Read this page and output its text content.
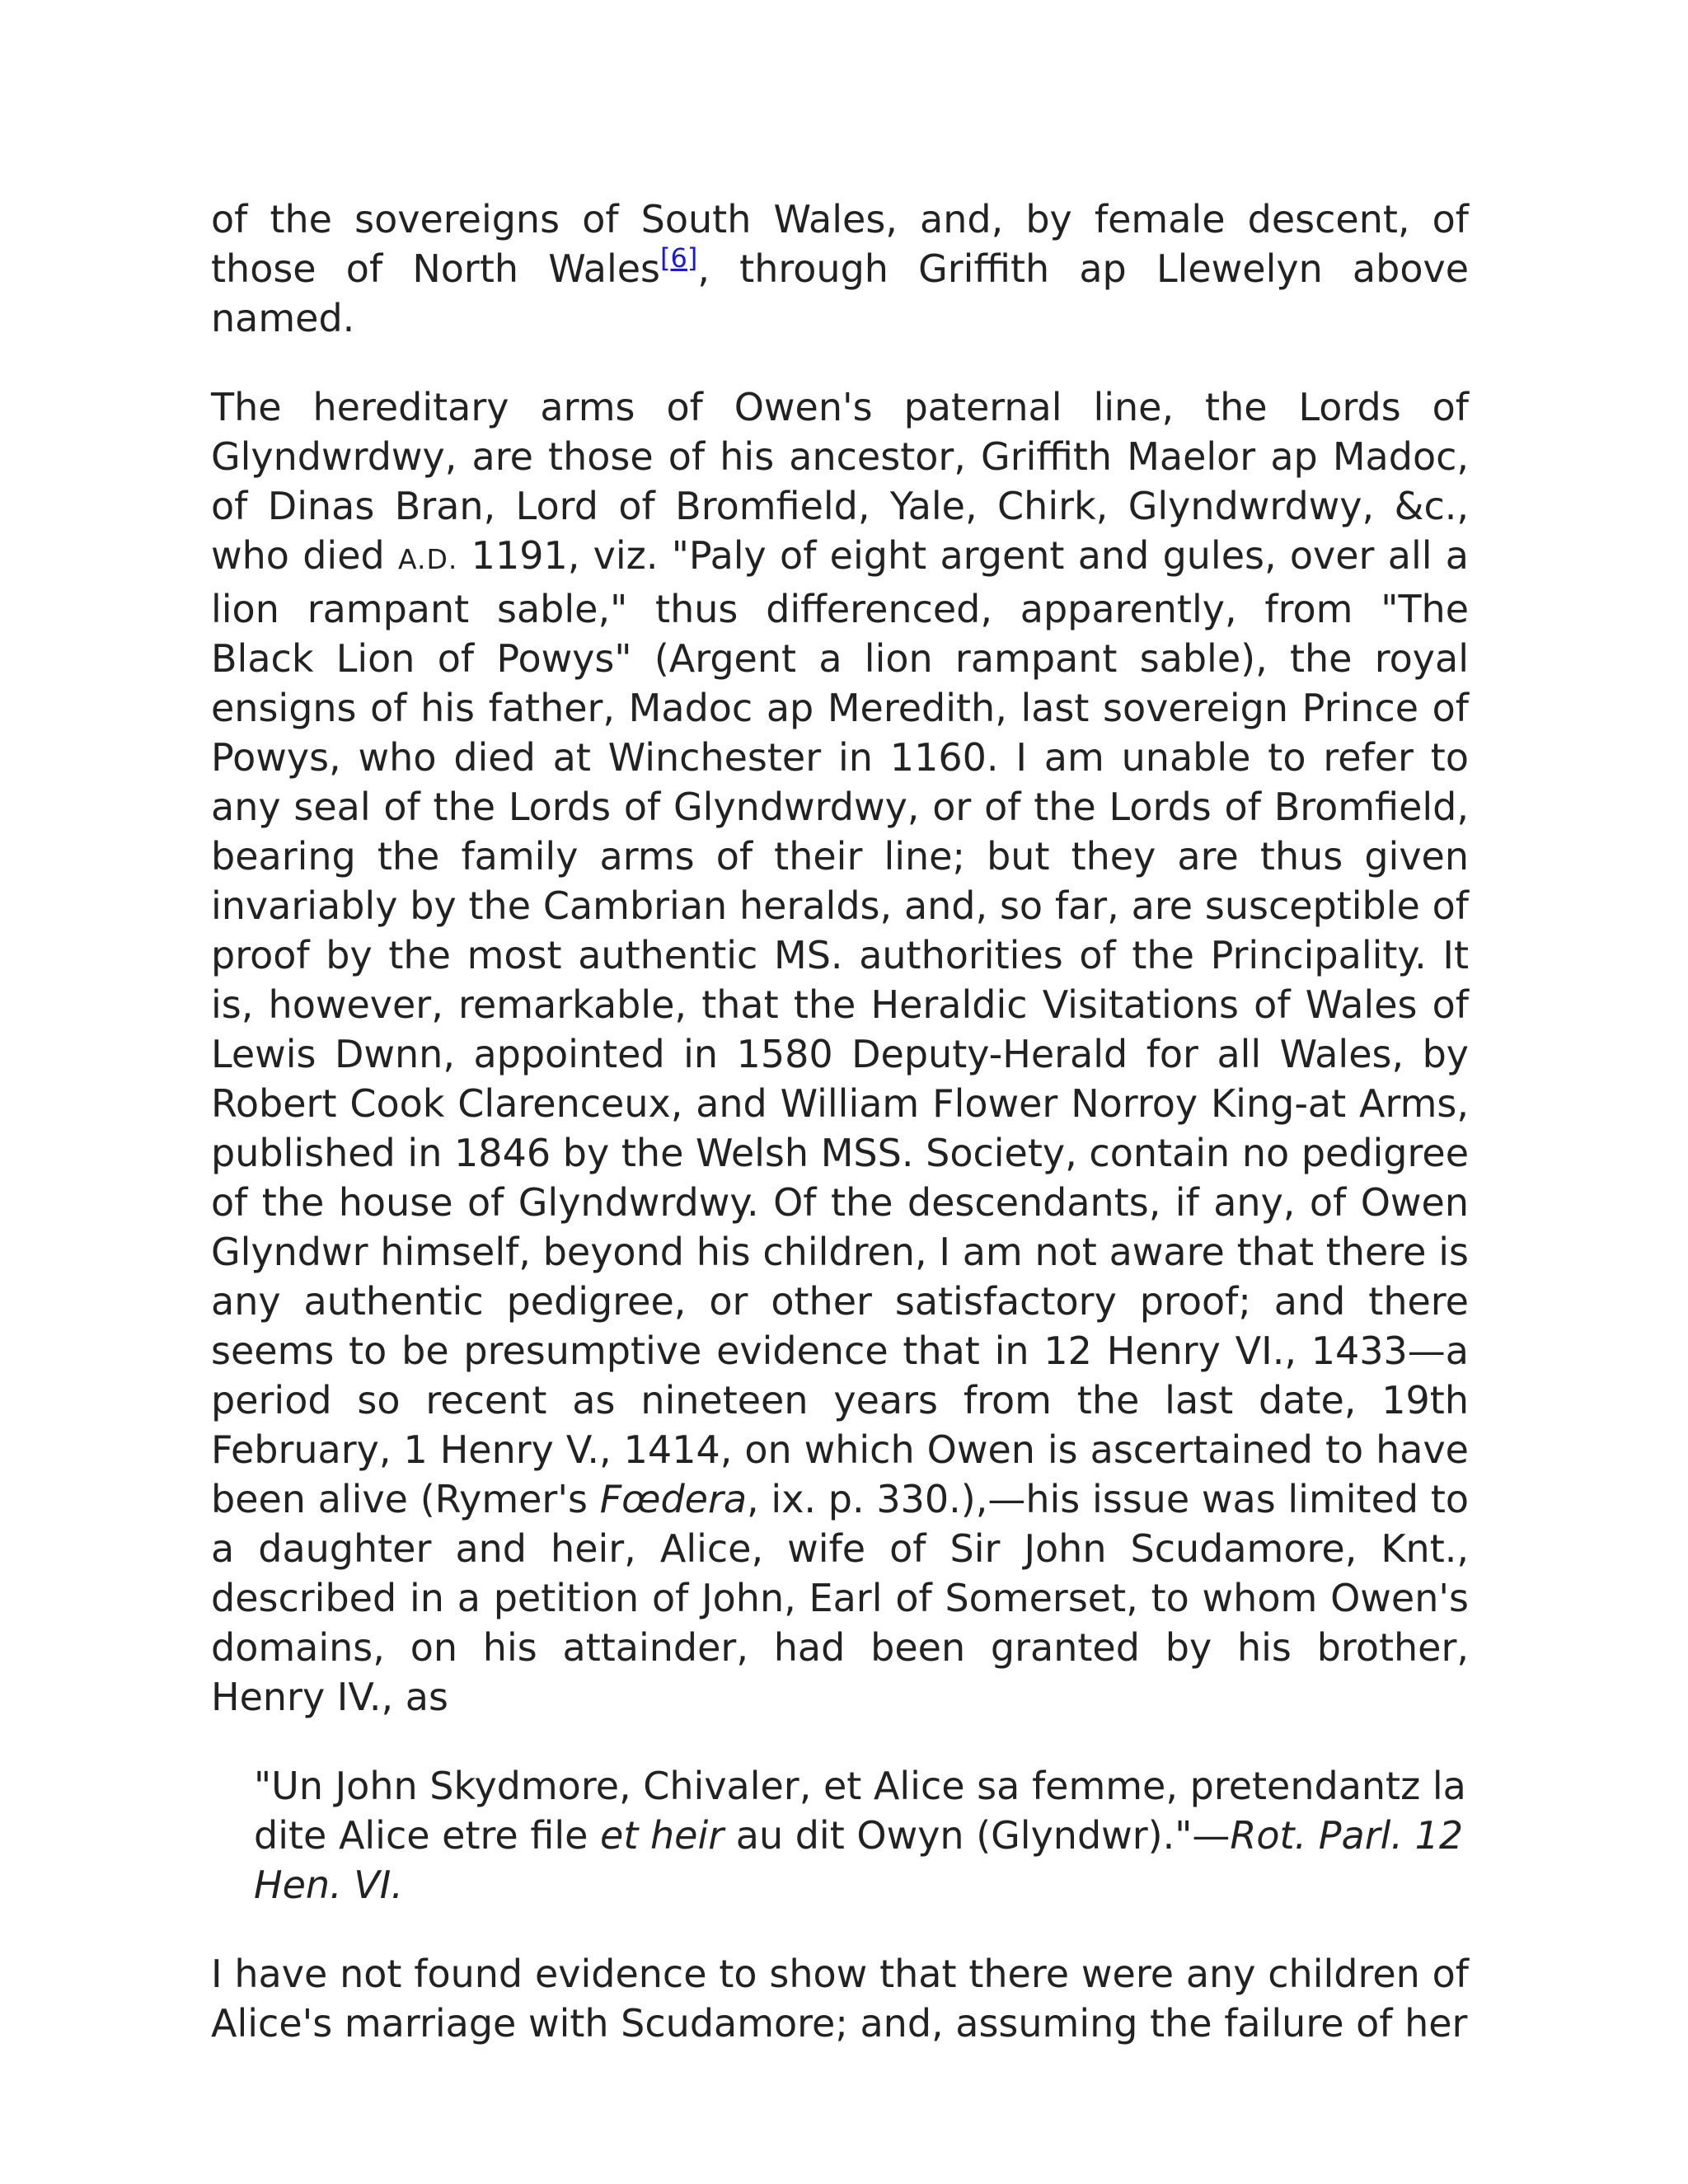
of the sovereigns of South Wales, and, by female descent, of those of North Wales[6], through Griffith ap Llewelyn above named.

The hereditary arms of Owen's paternal line, the Lords of Glyndwrdwy, are those of his ancestor, Griffith Maelor ap Madoc, of Dinas Bran, Lord of Bromfield, Yale, Chirk, Glyndwrdwy, &c., who died A.D. 1191, viz. "Paly of eight argent and gules, over all a lion rampant sable," thus differenced, apparently, from "The Black Lion of Powys" (Argent a lion rampant sable), the royal ensigns of his father, Madoc ap Meredith, last sovereign Prince of Powys, who died at Winchester in 1160. I am unable to refer to any seal of the Lords of Glyndwrdwy, or of the Lords of Bromfield, bearing the family arms of their line; but they are thus given invariably by the Cambrian heralds, and, so far, are susceptible of proof by the most authentic MS. authorities of the Principality. It is, however, remarkable, that the Heraldic Visitations of Wales of Lewis Dwnn, appointed in 1580 Deputy-Herald for all Wales, by Robert Cook Clarenceux, and William Flower Norroy King-at Arms, published in 1846 by the Welsh MSS. Society, contain no pedigree of the house of Glyndwrdwy. Of the descendants, if any, of Owen Glyndwr himself, beyond his children, I am not aware that there is any authentic pedigree, or other satisfactory proof; and there seems to be presumptive evidence that in 12 Henry VI., 1433—a period so recent as nineteen years from the last date, 19th February, 1 Henry V., 1414, on which Owen is ascertained to have been alive (Rymer's Fœdera, ix. p. 330.),—his issue was limited to a daughter and heir, Alice, wife of Sir John Scudamore, Knt., described in a petition of John, Earl of Somerset, to whom Owen's domains, on his attainder, had been granted by his brother, Henry IV., as

"Un John Skydmore, Chivaler, et Alice sa femme, pretendantz la dite Alice etre file et heir au dit Owyn (Glyndwr)."—Rot. Parl. 12 Hen. VI.

I have not found evidence to show that there were any children of Alice's marriage with Scudamore; and, assuming the failure of her
